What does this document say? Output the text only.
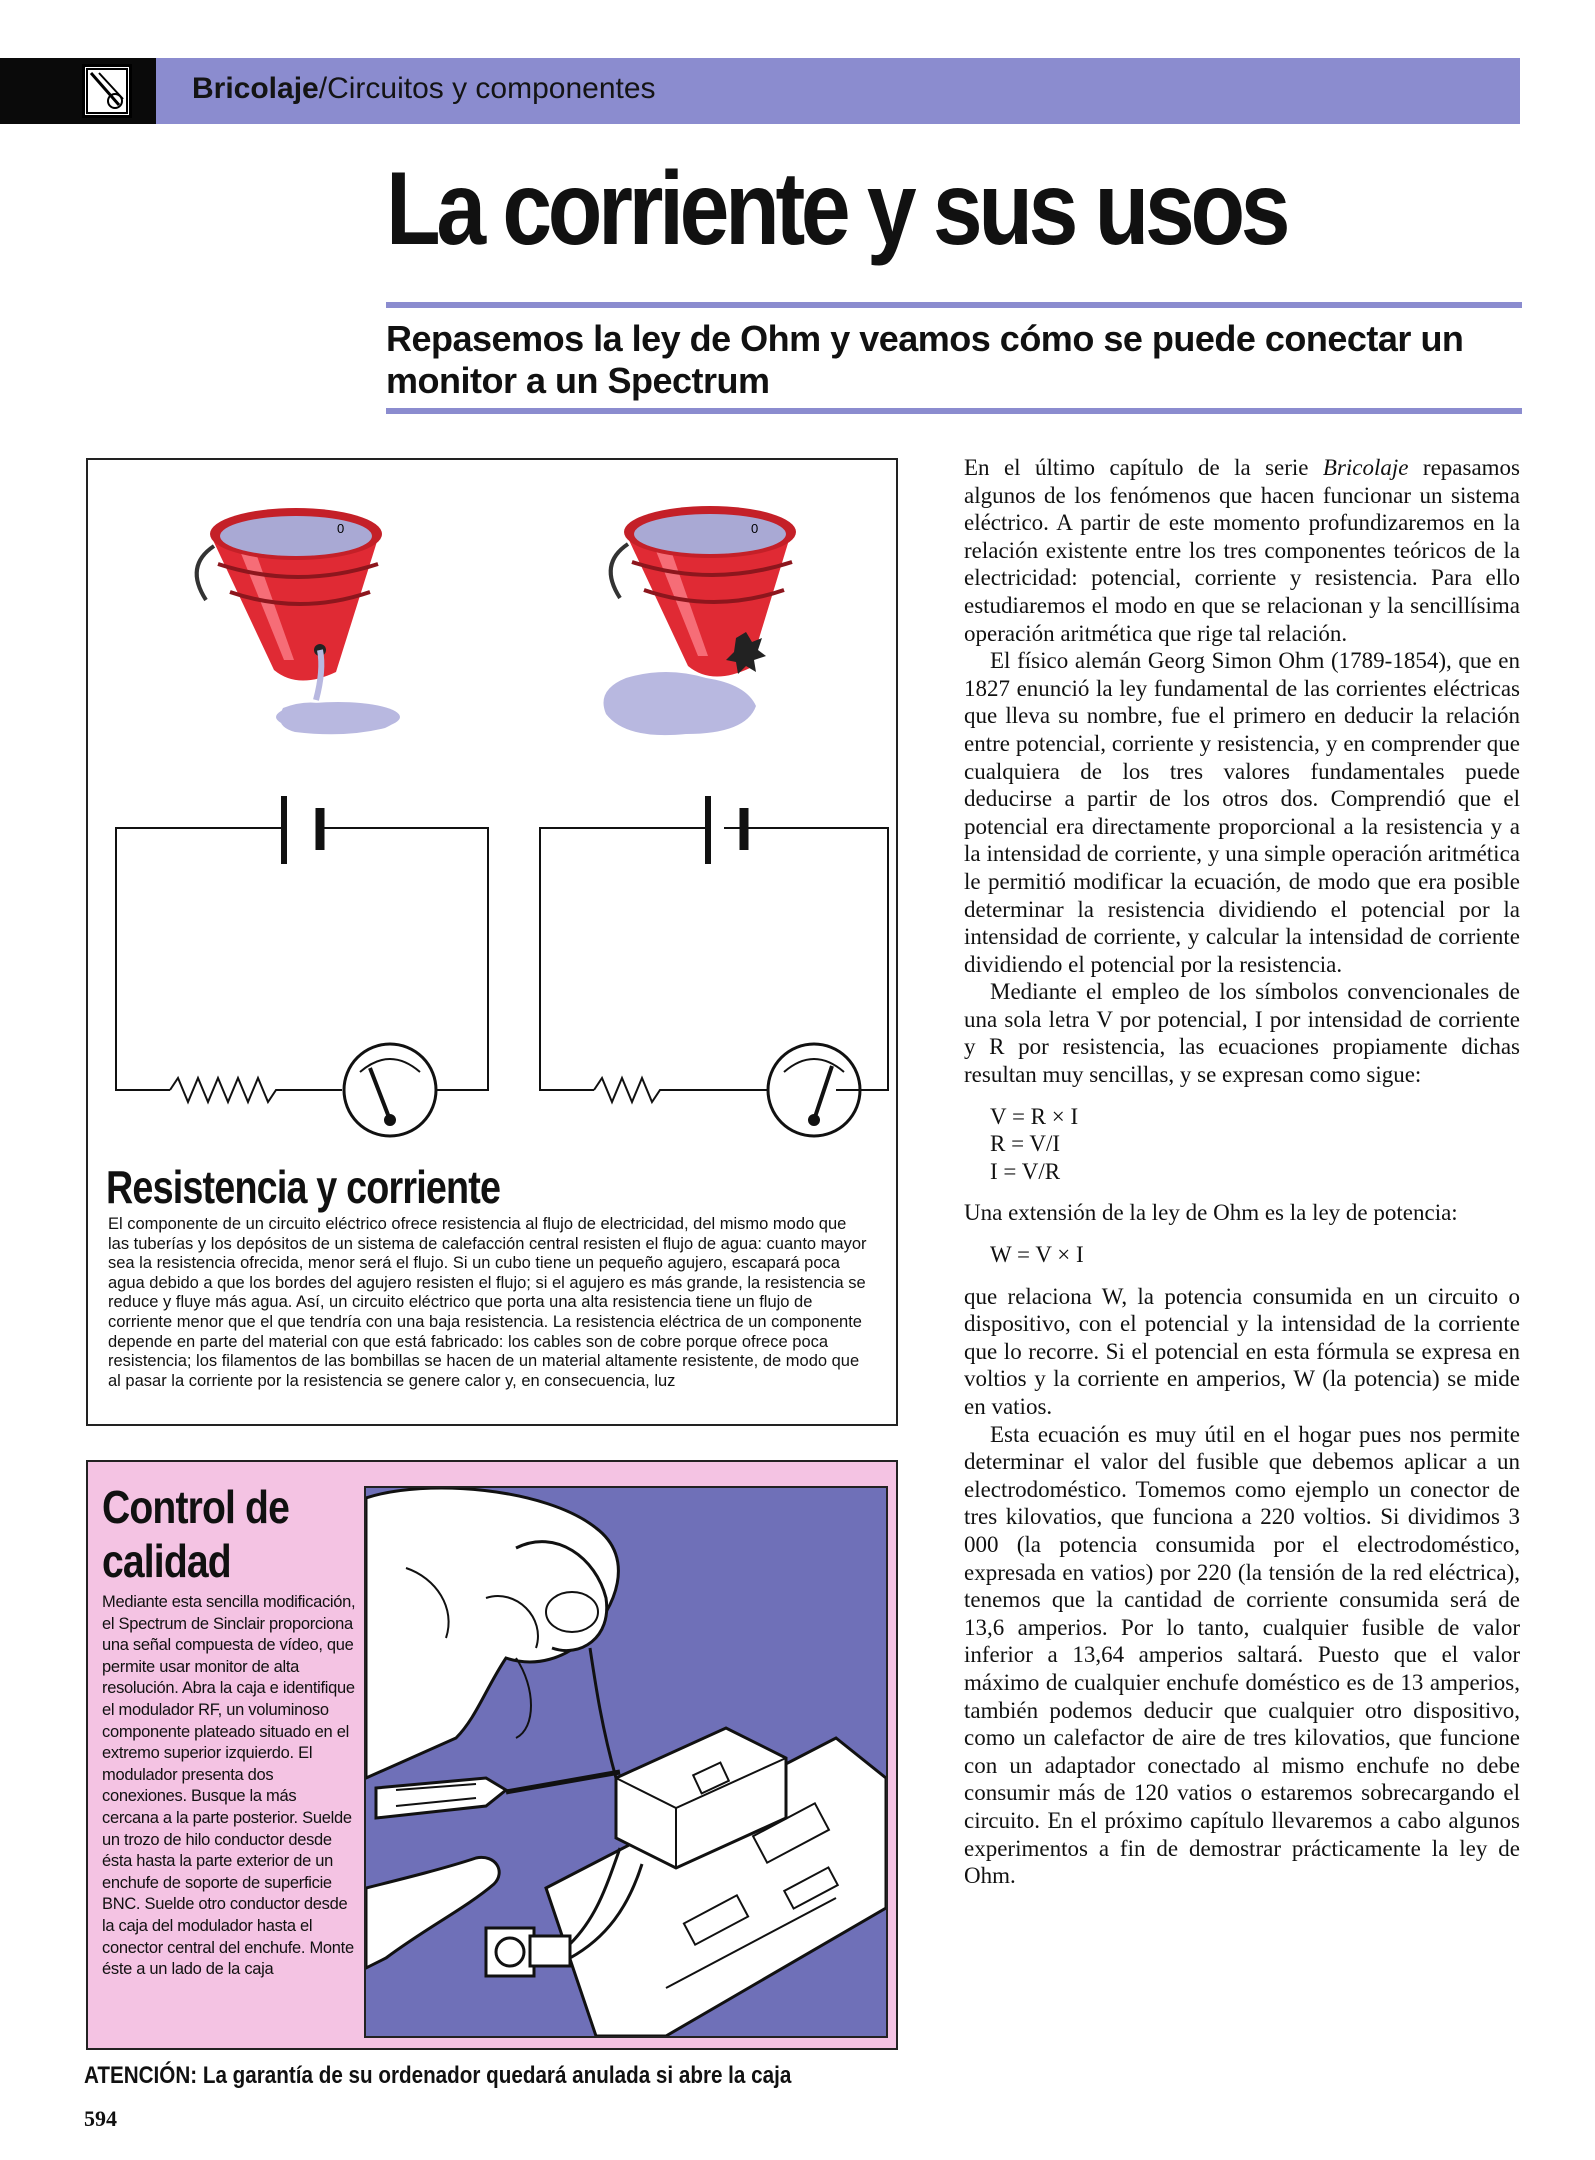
Bricolaje/Circuitos y componentes
La corriente y sus usos
Repasemos la ley de Ohm y veamos cómo se puede conectar un monitor a un Spectrum
0	0
Resistencia y corriente
El componente de un circuito eléctrico ofrece resistencia al flujo de electricidad, del mismo modo que las tuberías y los depósitos de un sistema de calefacción central resisten el flujo de agua: cuanto mayor sea la resistencia ofrecida, menor será el flujo. Si un cubo tiene un pequeño agujero, escapará poca agua debido a que los bordes del agujero resisten el flujo; si el agujero es más grande, la resistencia se reduce y fluye más agua. Así, un circuito eléctrico que porta una alta resistencia tiene un flujo de corriente menor que el que tendría con una baja resistencia. La resistencia eléctrica de un componente depende en parte del material con que está fabricado: los cables son de cobre porque ofrece poca resistencia; los filamentos de las bombillas se hacen de un material altamente resistente, de modo que al pasar la corriente por la resistencia se genere calor y, en consecuencia, luz
Control de
calidad
Mediante esta sencilla modificación, el Spectrum de Sinclair proporciona una señal compuesta de vídeo, que permite usar monitor de alta resolución. Abra la caja e identifique el modulador RF, un voluminoso componente plateado situado en el extremo superior izquierdo. El modulador presenta dos conexiones. Busque la más cercana a la parte posterior. Suelde un trozo de hilo conductor desde ésta hasta la parte exterior de un enchufe de soporte de superficie BNC. Suelde otro conductor desde la caja del modulador hasta el conector central del enchufe. Monte éste a un lado de la caja
ATENCIÓN: La garantía de su ordenador quedará anulada si abre la caja
594

En el último capítulo de la serie Bricolaje repasamos algunos de los fenómenos que hacen funcionar un sistema eléctrico. A partir de este momento profundizaremos en la relación existente entre los tres componentes teóricos de la electricidad: potencial, corriente y resistencia. Para ello estudiaremos el modo en que se relacionan y la sencillísima operación aritmética que rige tal relación.

El físico alemán Georg Simon Ohm (1789-1854), que en 1827 enunció la ley fundamental de las corrientes eléctricas que lleva su nombre, fue el primero en deducir la relación entre potencial, corriente y resistencia, y en comprender que cualquiera de los tres valores fundamentales puede deducirse a partir de los otros dos. Comprendió que el potencial era directamente proporcional a la resistencia y a la intensidad de corriente, y una simple operación aritmética le permitió modificar la ecuación, de modo que era posible determinar la resistencia dividiendo el potencial por la intensidad de corriente, y calcular la intensidad de corriente dividiendo el potencial por la resistencia.

Mediante el empleo de los símbolos convencionales de una sola letra V por potencial, I por intensidad de corriente y R por resistencia, las ecuaciones propiamente dichas resultan muy sencillas, y se expresan como sigue:

V = R × I
R = V/I
I = V/R

Una extensión de la ley de Ohm es la ley de potencia:

W = V × I

que relaciona W, la potencia consumida en un circuito o dispositivo, con el potencial y la intensidad de la corriente que lo recorre. Si el potencial en esta fórmula se expresa en voltios y la corriente en amperios, W (la potencia) se mide en vatios.

Esta ecuación es muy útil en el hogar pues nos permite determinar el valor del fusible que debemos aplicar a un electrodoméstico. Tomemos como ejemplo un conector de tres kilovatios, que funciona a 220 voltios. Si dividimos 3 000 (la potencia consumida por el electrodoméstico, expresada en vatios) por 220 (la tensión de la red eléctrica), tenemos que la cantidad de corriente consumida será de 13,6 amperios. Por lo tanto, cualquier fusible de valor inferior a 13,64 amperios saltará. Puesto que el valor máximo de cualquier enchufe doméstico es de 13 amperios, también podemos deducir que cualquier otro dispositivo, como un calefactor de aire de tres kilovatios, que funcione con un adaptador conectado al mismo enchufe no debe consumir más de 120 vatios o estaremos sobrecargando el circuito. En el próximo capítulo llevaremos a cabo algunos experimentos a fin de demostrar prácticamente la ley de Ohm.
